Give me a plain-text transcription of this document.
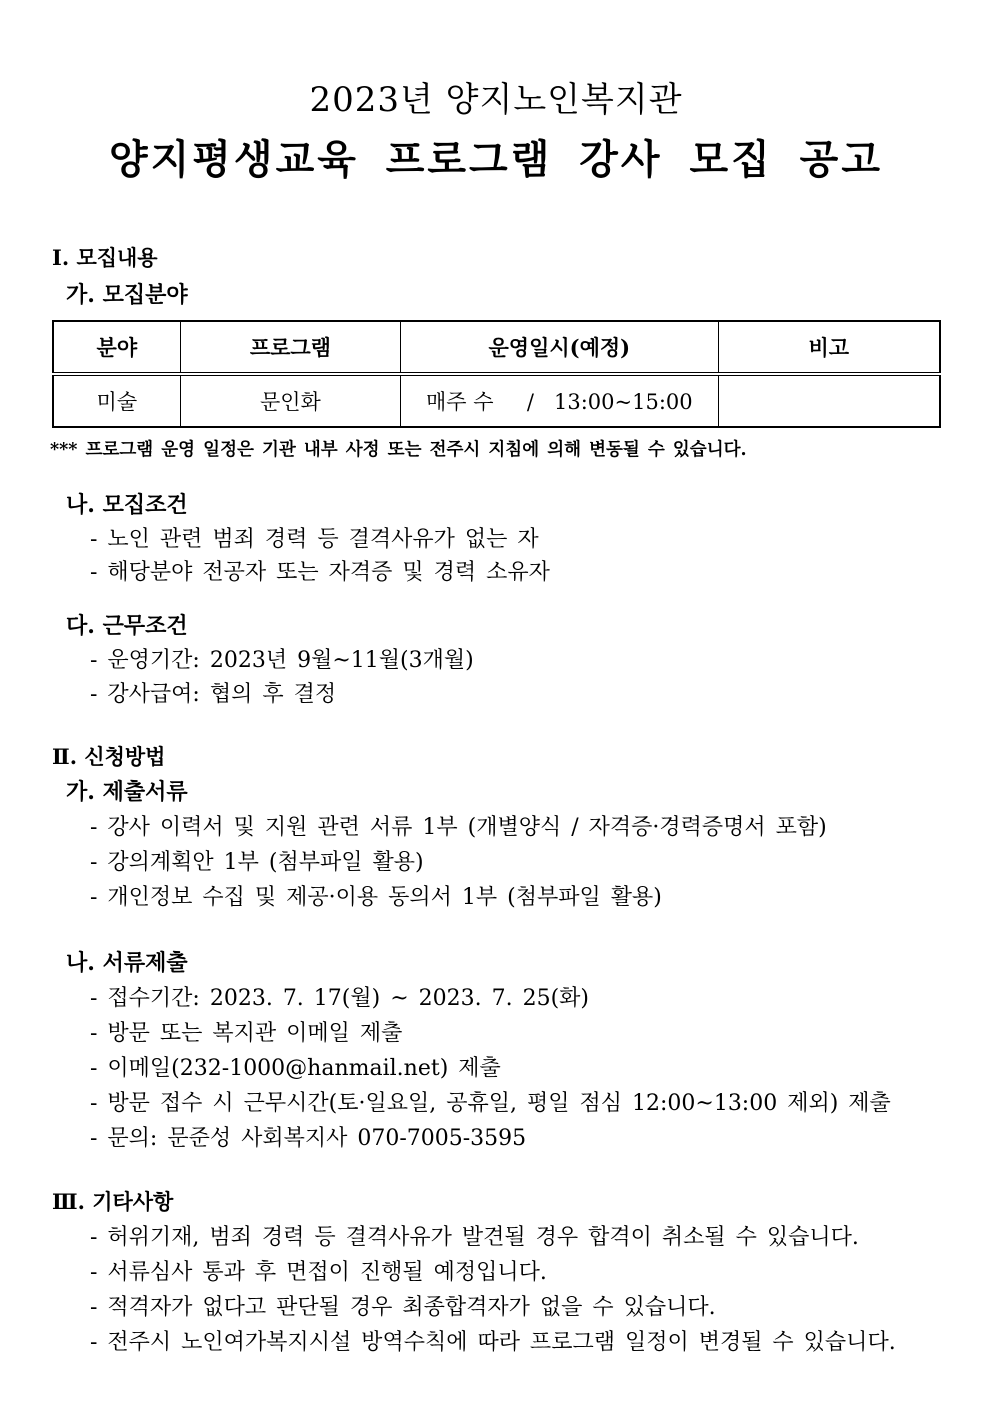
2023년 양지노인복지관
양지평생교육 프로그램 강사 모집 공고
Ⅰ. 모집내용
가. 모집분야
분야	프로그램	운영일시(예정)	비고
미술	문인화	매주 수     /   13:00~15:00	
*** 프로그램 운영 일정은 기관 내부 사정 또는 전주시 지침에 의해 변동될 수 있습니다.
나. 모집조건
- 노인 관련 범죄 경력 등 결격사유가 없는 자
- 해당분야 전공자 또는 자격증 및 경력 소유자
다. 근무조건
- 운영기간: 2023년 9월~11월(3개월)
- 강사급여: 협의 후 결정
Ⅱ. 신청방법
가. 제출서류
- 강사 이력서 및 지원 관련 서류 1부 (개별양식 / 자격증·경력증명서 포함)
- 강의계획안 1부 (첨부파일 활용)
- 개인정보 수집 및 제공·이용 동의서 1부 (첨부파일 활용)
나. 서류제출
- 접수기간: 2023. 7. 17(월) ~ 2023. 7. 25(화)
- 방문 또는 복지관 이메일 제출
- 이메일(232-1000@hanmail.net) 제출
- 방문 접수 시 근무시간(토·일요일, 공휴일, 평일 점심 12:00~13:00 제외) 제출
- 문의: 문준성 사회복지사 070-7005-3595
Ⅲ. 기타사항
- 허위기재, 범죄 경력 등 결격사유가 발견될 경우 합격이 취소될 수 있습니다.
- 서류심사 통과 후 면접이 진행될 예정입니다.
- 적격자가 없다고 판단될 경우 최종합격자가 없을 수 있습니다.
- 전주시 노인여가복지시설 방역수칙에 따라 프로그램 일정이 변경될 수 있습니다.
